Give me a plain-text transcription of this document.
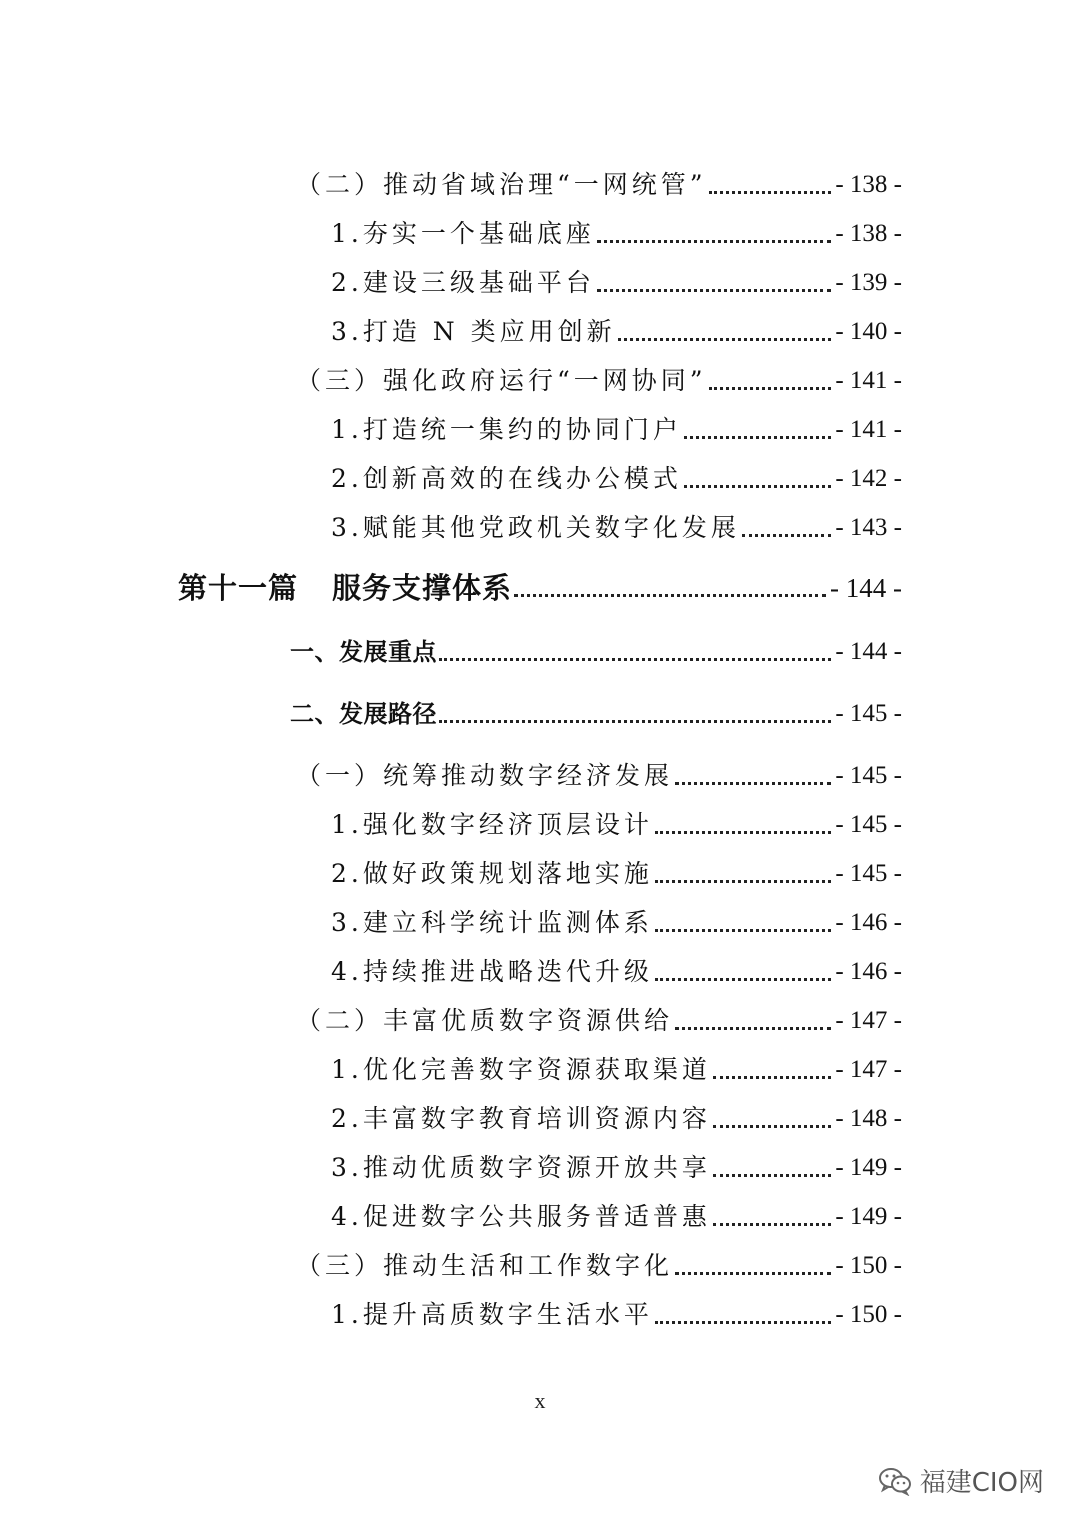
（二）推动省域治理“一网统管”	- 138 -
1.夯实一个基础底座	- 138 -
2.建设三级基础平台	- 139 -
3.打造 N 类应用创新	- 140 -
（三）强化政府运行“一网协同”	- 141 -
1.打造统一集约的协同门户	- 141 -
2.创新高效的在线办公模式	- 142 -
3.赋能其他党政机关数字化发展	- 143 -
第十一篇 服务支撑体系	- 144 -
一、发展重点	- 144 -
二、发展路径	- 145 -
（一）统筹推动数字经济发展	- 145 -
1.强化数字经济顶层设计	- 145 -
2.做好政策规划落地实施	- 145 -
3.建立科学统计监测体系	- 146 -
4.持续推进战略迭代升级	- 146 -
（二）丰富优质数字资源供给	- 147 -
1.优化完善数字资源获取渠道	- 147 -
2.丰富数字教育培训资源内容	- 148 -
3.推动优质数字资源开放共享	- 149 -
4.促进数字公共服务普适普惠	- 149 -
（三）推动生活和工作数字化	- 150 -
1.提升高质数字生活水平	- 150 -
x
福建CIO网
